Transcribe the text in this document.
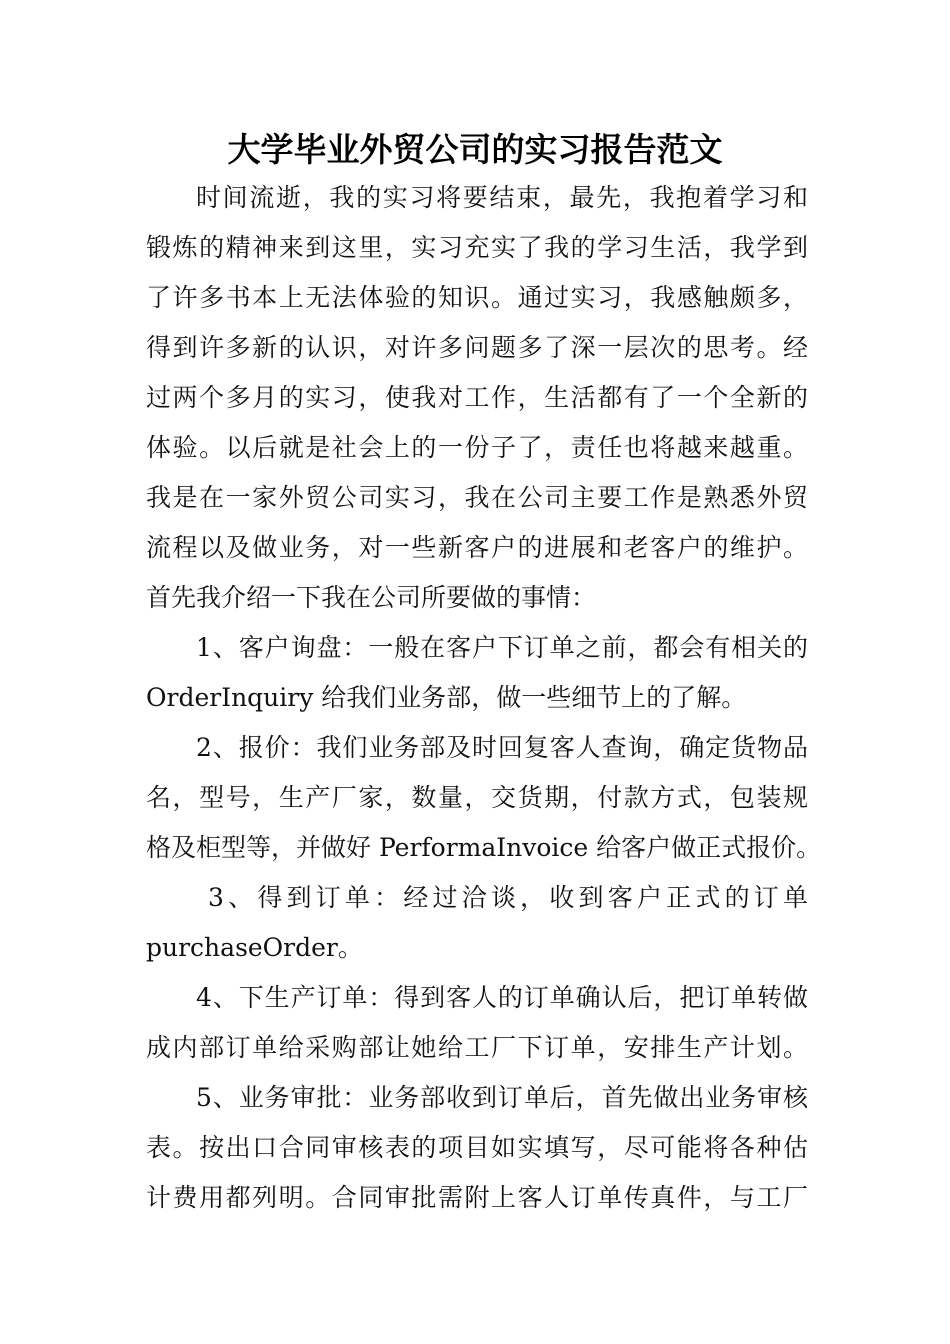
大学毕业外贸公司的实习报告范文

时间流逝，我的实习将要结束，最先，我抱着学习和

锻炼的精神来到这里，实习充实了我的学习生活，我学到

了许多书本上无法体验的知识。通过实习，我感触颇多，

得到许多新的认识，对许多问题多了深一层次的思考。经

过两个多月的实习，使我对工作，生活都有了一个全新的

体验。以后就是社会上的一份子了，责任也将越来越重。

我是在一家外贸公司实习，我在公司主要工作是熟悉外贸

流程以及做业务，对一些新客户的进展和老客户的维护。

首先我介绍一下我在公司所要做的事情：

1、客户询盘：一般在客户下订单之前，都会有相关的

OrderInquiry 给我们业务部，做一些细节上的了解。

2、报价：我们业务部及时回复客人查询，确定货物品

名，型号，生产厂家，数量，交货期，付款方式，包装规

格及柜型等，并做好 PerformaInvoice 给客户做正式报价。

3、得到订单：经过洽谈，收到客户正式的订单

purchaseOrder。

4、下生产订单：得到客人的订单确认后，把订单转做

成内部订单给采购部让她给工厂下订单，安排生产计划。

5、业务审批：业务部收到订单后，首先做出业务审核

表。按出口合同审核表的项目如实填写，尽可能将各种估

计费用都列明。合同审批需附上客人订单传真件，与工厂
